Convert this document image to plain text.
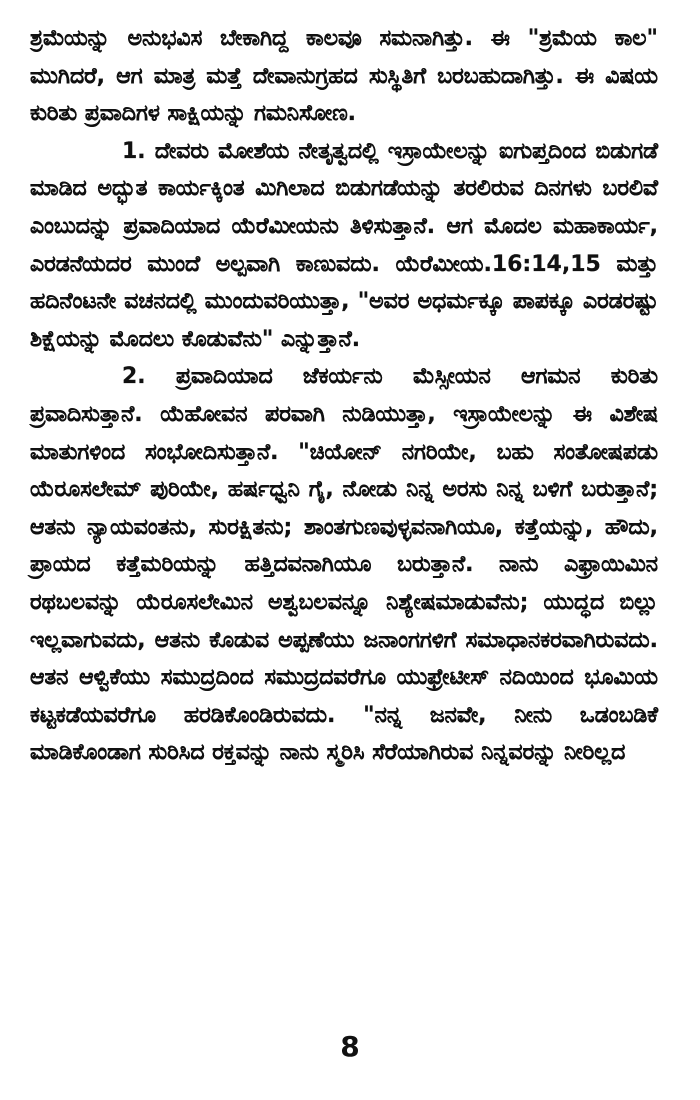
ಶ್ರಮೆಯನ್ನು ಅನುಭವಿಸ ಬೇಕಾಗಿದ್ದ ಕಾಲವೂ ಸಮನಾಗಿತ್ತು. ಈ "ಶ್ರಮೆಯ ಕಾಲ" ಮುಗಿದರೆ, ಆಗ ಮಾತ್ರ ಮತ್ತೆ ದೇವಾನುಗ್ರಹದ ಸುಸ್ಥಿತಿಗೆ ಬರಬಹುದಾಗಿತ್ತು. ಈ ವಿಷಯ ಕುರಿತು ಪ್ರವಾದಿಗಳ ಸಾಕ್ಷಿಯನ್ನು ಗಮನಿಸೋಣ.

1. ದೇವರು ಮೋಶೆಯ ನೇತೃತ್ವದಲ್ಲಿ ಇಸ್ರಾಯೇಲನ್ನು ಐಗುಪ್ತದಿಂದ ಬಿಡುಗಡೆ ಮಾಡಿದ ಅದ್ಭುತ ಕಾರ್ಯಕ್ಕಿಂತ ಮಿಗಿಲಾದ ಬಿಡುಗಡೆಯನ್ನು ತರಲಿರುವ ದಿನಗಳು ಬರಲಿವೆ ಎಂಬುದನ್ನು ಪ್ರವಾದಿಯಾದ ಯೆರೆಮೀಯನು ತಿಳಿಸುತ್ತಾನೆ. ಆಗ ಮೊದಲ ಮಹಾಕಾರ್ಯ, ಎರಡನೆಯದರ ಮುಂದೆ ಅಲ್ಪವಾಗಿ ಕಾಣುವದು. ಯೆರೆಮೀಯ.16:14,15 ಮತ್ತು ಹದಿನೆಂಟನೇ ವಚನದಲ್ಲಿ ಮುಂದುವರಿಯುತ್ತಾ, "ಅವರ ಅಧರ್ಮಕ್ಕೂ ಪಾಪಕ್ಕೂ ಎರಡರಷ್ಟು ಶಿಕ್ಷೆಯನ್ನು ಮೊದಲು ಕೊಡುವೆನು" ಎನ್ನುತ್ತಾನೆ.

2. ಪ್ರವಾದಿಯಾದ ಜೆಕರ್ಯನು ಮೆಸ್ಸೀಯನ ಆಗಮನ ಕುರಿತು ಪ್ರವಾದಿಸುತ್ತಾನೆ. ಯೆಹೋವನ ಪರವಾಗಿ ನುಡಿಯುತ್ತಾ, ಇಸ್ರಾಯೇಲನ್ನು ಈ ವಿಶೇಷ ಮಾತುಗಳಿಂದ ಸಂಭೋದಿಸುತ್ತಾನೆ. "ಚಿಯೋನ್ ನಗರಿಯೇ, ಬಹು ಸಂತೋಷಪಡು ಯೆರೂಸಲೇಮ್ ಪುರಿಯೇ, ಹರ್ಷಧ್ವನಿ ಗೈ, ನೋಡು ನಿನ್ನ ಅರಸು ನಿನ್ನ ಬಳಿಗೆ ಬರುತ್ತಾನೆ; ಆತನು ನ್ಯಾಯವಂತನು, ಸುರಕ್ಷಿತನು; ಶಾಂತಗುಣವುಳ್ಳವನಾಗಿಯೂ, ಕತ್ತೆಯನ್ನು, ಹೌದು, ಪ್ರಾಯದ ಕತ್ತೆಮರಿಯನ್ನು ಹತ್ತಿದವನಾಗಿಯೂ ಬರುತ್ತಾನೆ. ನಾನು ಎಫ್ರಾಯಿಮಿನ ರಥಬಲವನ್ನು ಯೆರೂಸಲೇಮಿನ ಅಶ್ವಬಲವನ್ನೂ ನಿಶ್ಯೇಷಮಾಡುವೆನು; ಯುದ್ಧದ ಬಿಲ್ಲು ಇಲ್ಲವಾಗುವದು, ಆತನು ಕೊಡುವ ಅಪ್ಪಣೆಯು ಜನಾಂಗಗಳಿಗೆ ಸಮಾಧಾನಕರವಾಗಿರುವದು. ಆತನ ಆಳ್ವಿಕೆಯು ಸಮುದ್ರದಿಂದ ಸಮುದ್ರದವರೆಗೂ ಯುಫ್ರೇಟೀಸ್ ನದಿಯಿಂದ ಭೂಮಿಯ ಕಟ್ಟಕಡೆಯವರೆಗೂ ಹರಡಿಕೊಂಡಿರುವದು. "ನನ್ನ ಜನವೇ, ನೀನು ಒಡಂಬಡಿಕೆ ಮಾಡಿಕೊಂಡಾಗ ಸುರಿಸಿದ ರಕ್ತವನ್ನು ನಾನು ಸ್ಮರಿಸಿ ಸೆರೆಯಾಗಿರುವ ನಿನ್ನವರನ್ನು ನೀರಿಲ್ಲದ

8
